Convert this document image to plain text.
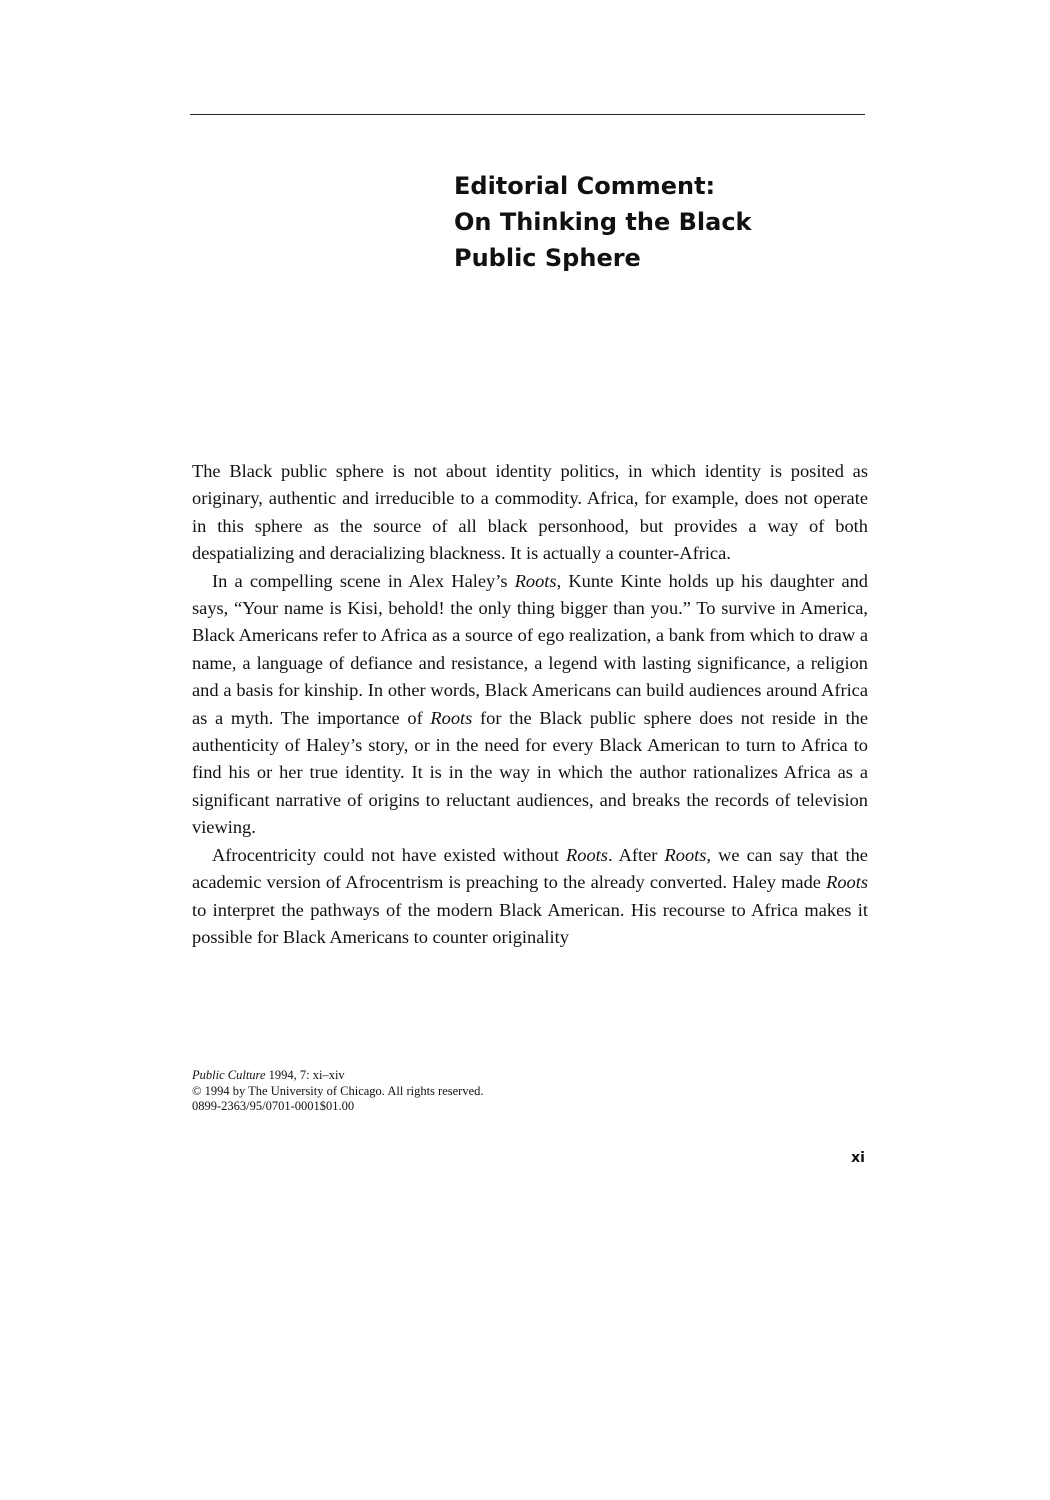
Editorial Comment:
On Thinking the Black
Public Sphere

The Black public sphere is not about identity politics, in which identity is posited as originary, authentic and irreducible to a commodity. Africa, for example, does not operate in this sphere as the source of all black personhood, but provides a way of both despatializing and deracializing blackness. It is actually a counter-Africa.

In a compelling scene in Alex Haley’s Roots, Kunte Kinte holds up his daughter and says, “Your name is Kisi, behold! the only thing bigger than you.” To survive in America, Black Americans refer to Africa as a source of ego realization, a bank from which to draw a name, a language of defiance and resistance, a legend with lasting significance, a religion and a basis for kinship. In other words, Black Americans can build audiences around Africa as a myth. The importance of Roots for the Black public sphere does not reside in the authenticity of Haley’s story, or in the need for every Black American to turn to Africa to find his or her true identity. It is in the way in which the author rationalizes Africa as a significant narrative of origins to reluctant audiences, and breaks the records of television viewing.

Afrocentricity could not have existed without Roots. After Roots, we can say that the academic version of Afrocentrism is preaching to the already converted. Haley made Roots to interpret the pathways of the modern Black American. His recourse to Africa makes it possible for Black Americans to counter originality

Public Culture 1994, 7: xi–xiv
© 1994 by The University of Chicago. All rights reserved.
0899-2363/95/0701-0001$01.00
xi
